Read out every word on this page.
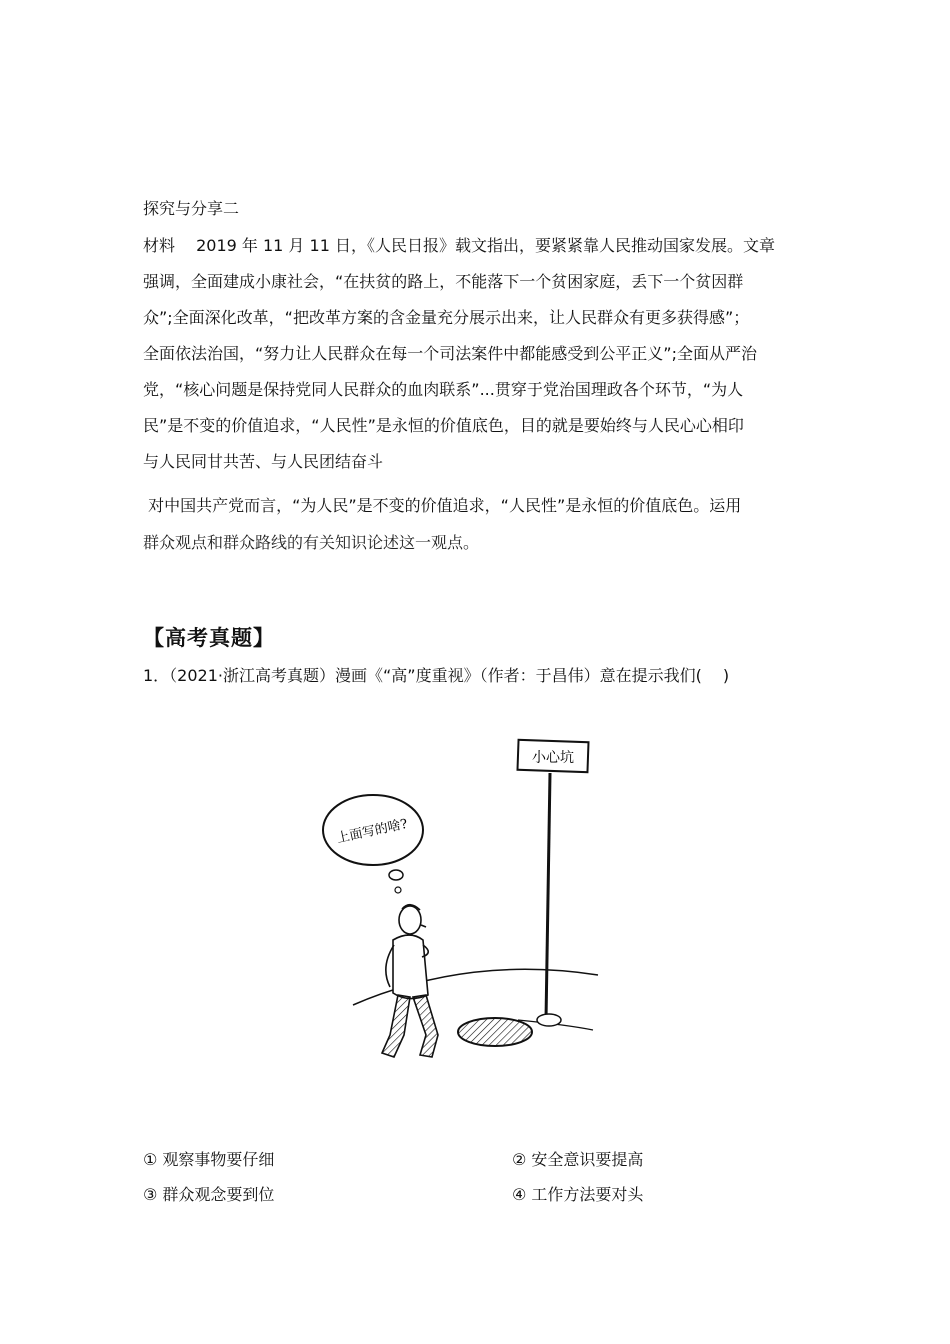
探究与分享二
材料　 2019 年 11 月 11 日，《人民日报》载文指出，要紧紧靠人民推动国家发展。文章
强调，全面建成小康社会，“在扶贫的路上，不能落下一个贫困家庭，丢下一个贫因群
众”;全面深化改革，“把改革方案的含金量充分展示出来，让人民群众有更多获得感”；
全面依法治国，“努力让人民群众在每一个司法案件中都能感受到公平正义”;全面从严治
党，“核心问题是保持党同人民群众的血肉联系”...贯穿于党治国理政各个环节，“为人
民”是不变的价值追求，“人民性”是永恒的价值底色，目的就是要始终与人民心心相印
与人民同甘共苦、与人民团结奋斗
对中国共产党而言，“为人民”是不变的价值追求，“人民性”是永恒的价值底色。运用
群众观点和群众路线的有关知识论述这一观点。
【高考真题】
1．（2021·浙江高考真题）漫画《“高”度重视》（作者：于昌伟）意在提示我们(　 )
小心坑
上面写的啥?
① 观察事物要仔细	② 安全意识要提高
③ 群众观念要到位	④ 工作方法要对头
